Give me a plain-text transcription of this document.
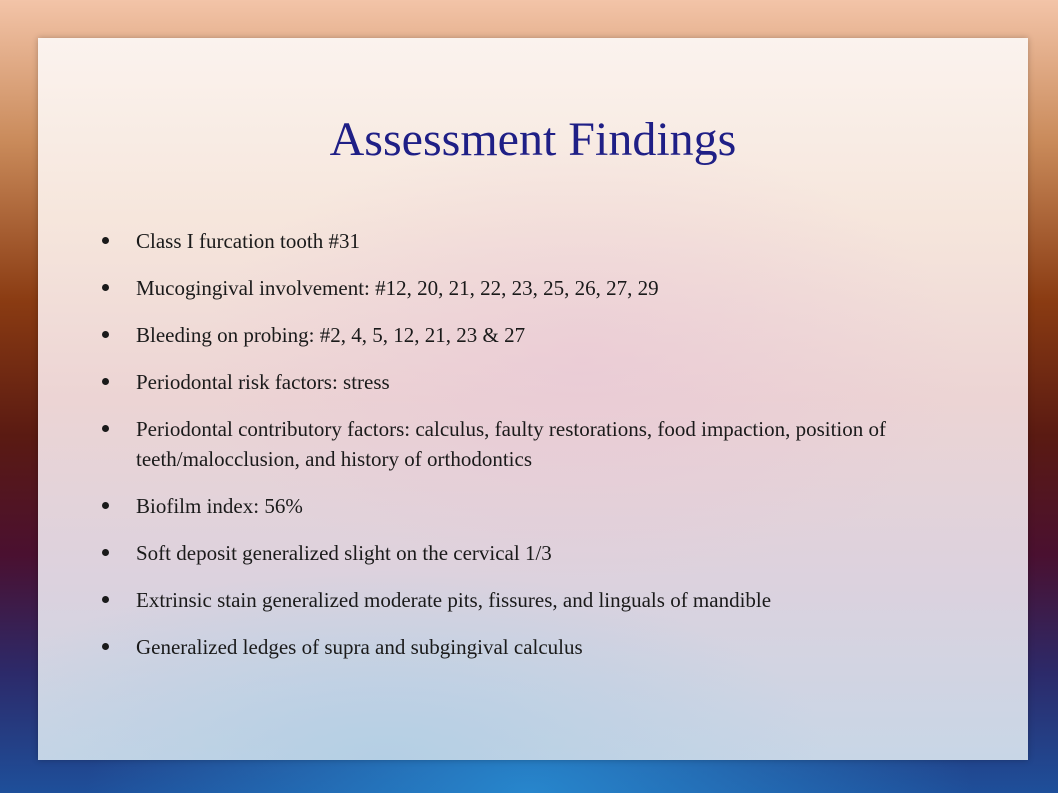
Assessment Findings
Class I furcation tooth #31
Mucogingival involvement: #12, 20, 21, 22, 23, 25, 26, 27, 29
Bleeding on probing: #2, 4, 5, 12, 21, 23 & 27
Periodontal risk factors: stress
Periodontal contributory factors: calculus, faulty restorations, food impaction, position of teeth/malocclusion, and history of orthodontics
Biofilm index: 56%
Soft deposit generalized slight on the cervical 1/3
Extrinsic stain generalized moderate pits, fissures, and linguals of mandible
Generalized ledges of supra and subgingival calculus
